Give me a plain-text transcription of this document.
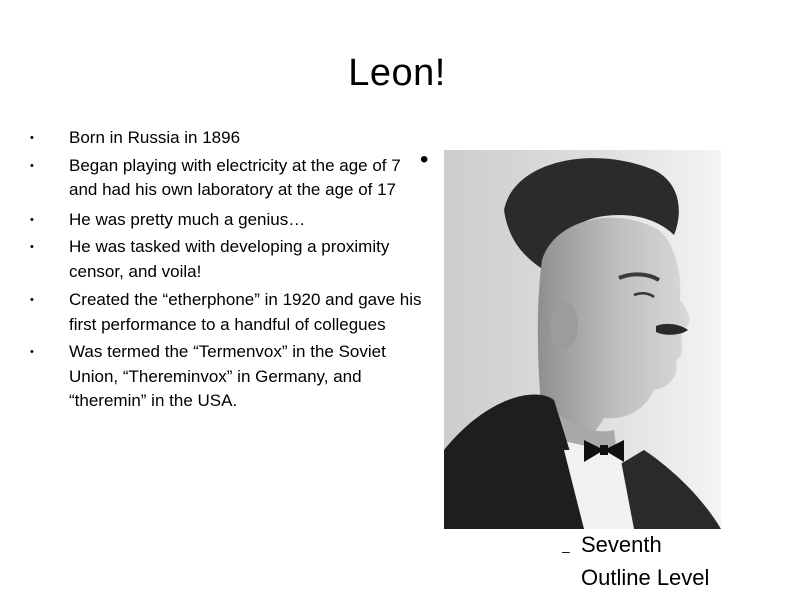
Leon!
• Born in Russia in 1896
• Began playing with electricity at the age of 7 and had his own laboratory at the age of 17
• He was pretty much a genius…
• He was tasked with developing a proximity censor, and voila!
• Created the “etherphone” in 1920 and gave his first performance to a handful of collegues
• Was termed the “Termenvox” in the Soviet Union, “Thereminvox” in Germany, and “theremin” in the USA.
•
– Seventh
Outline Level
